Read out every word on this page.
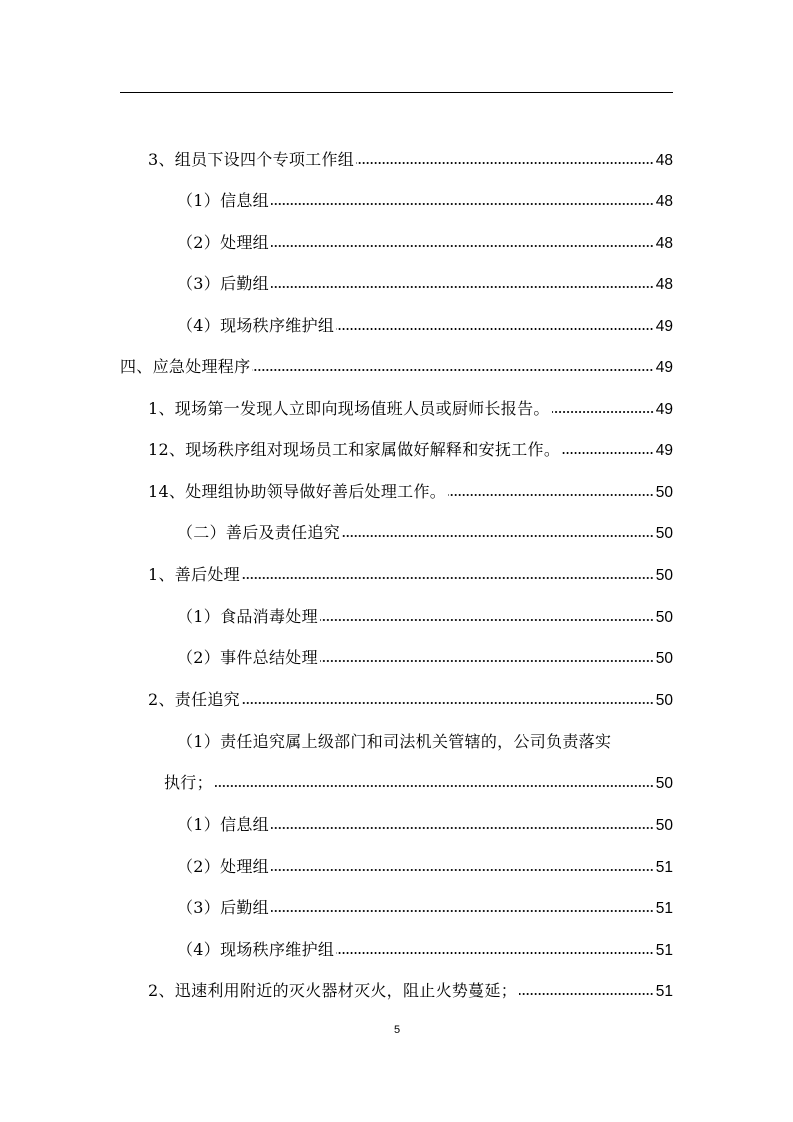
3、组员下设四个专项工作组	48
（1）信息组	48
（2）处理组	48
（3）后勤组	48
（4）现场秩序维护组	49
四、应急处理程序	49
1、现场第一发现人立即向现场值班人员或厨师长报告。	49
12、现场秩序组对现场员工和家属做好解释和安抚工作。	49
14、处理组协助领导做好善后处理工作。	50
（二）善后及责任追究	50
1、善后处理	50
（1）食品消毒处理	50
（2）事件总结处理	50
2、责任追究	50
（1）责任追究属上级部门和司法机关管辖的，公司负责落实
执行；	50
（1）信息组	50
（2）处理组	51
（3）后勤组	51
（4）现场秩序维护组	51
2、迅速利用附近的灭火器材灭火，阻止火势蔓延；	51
5
